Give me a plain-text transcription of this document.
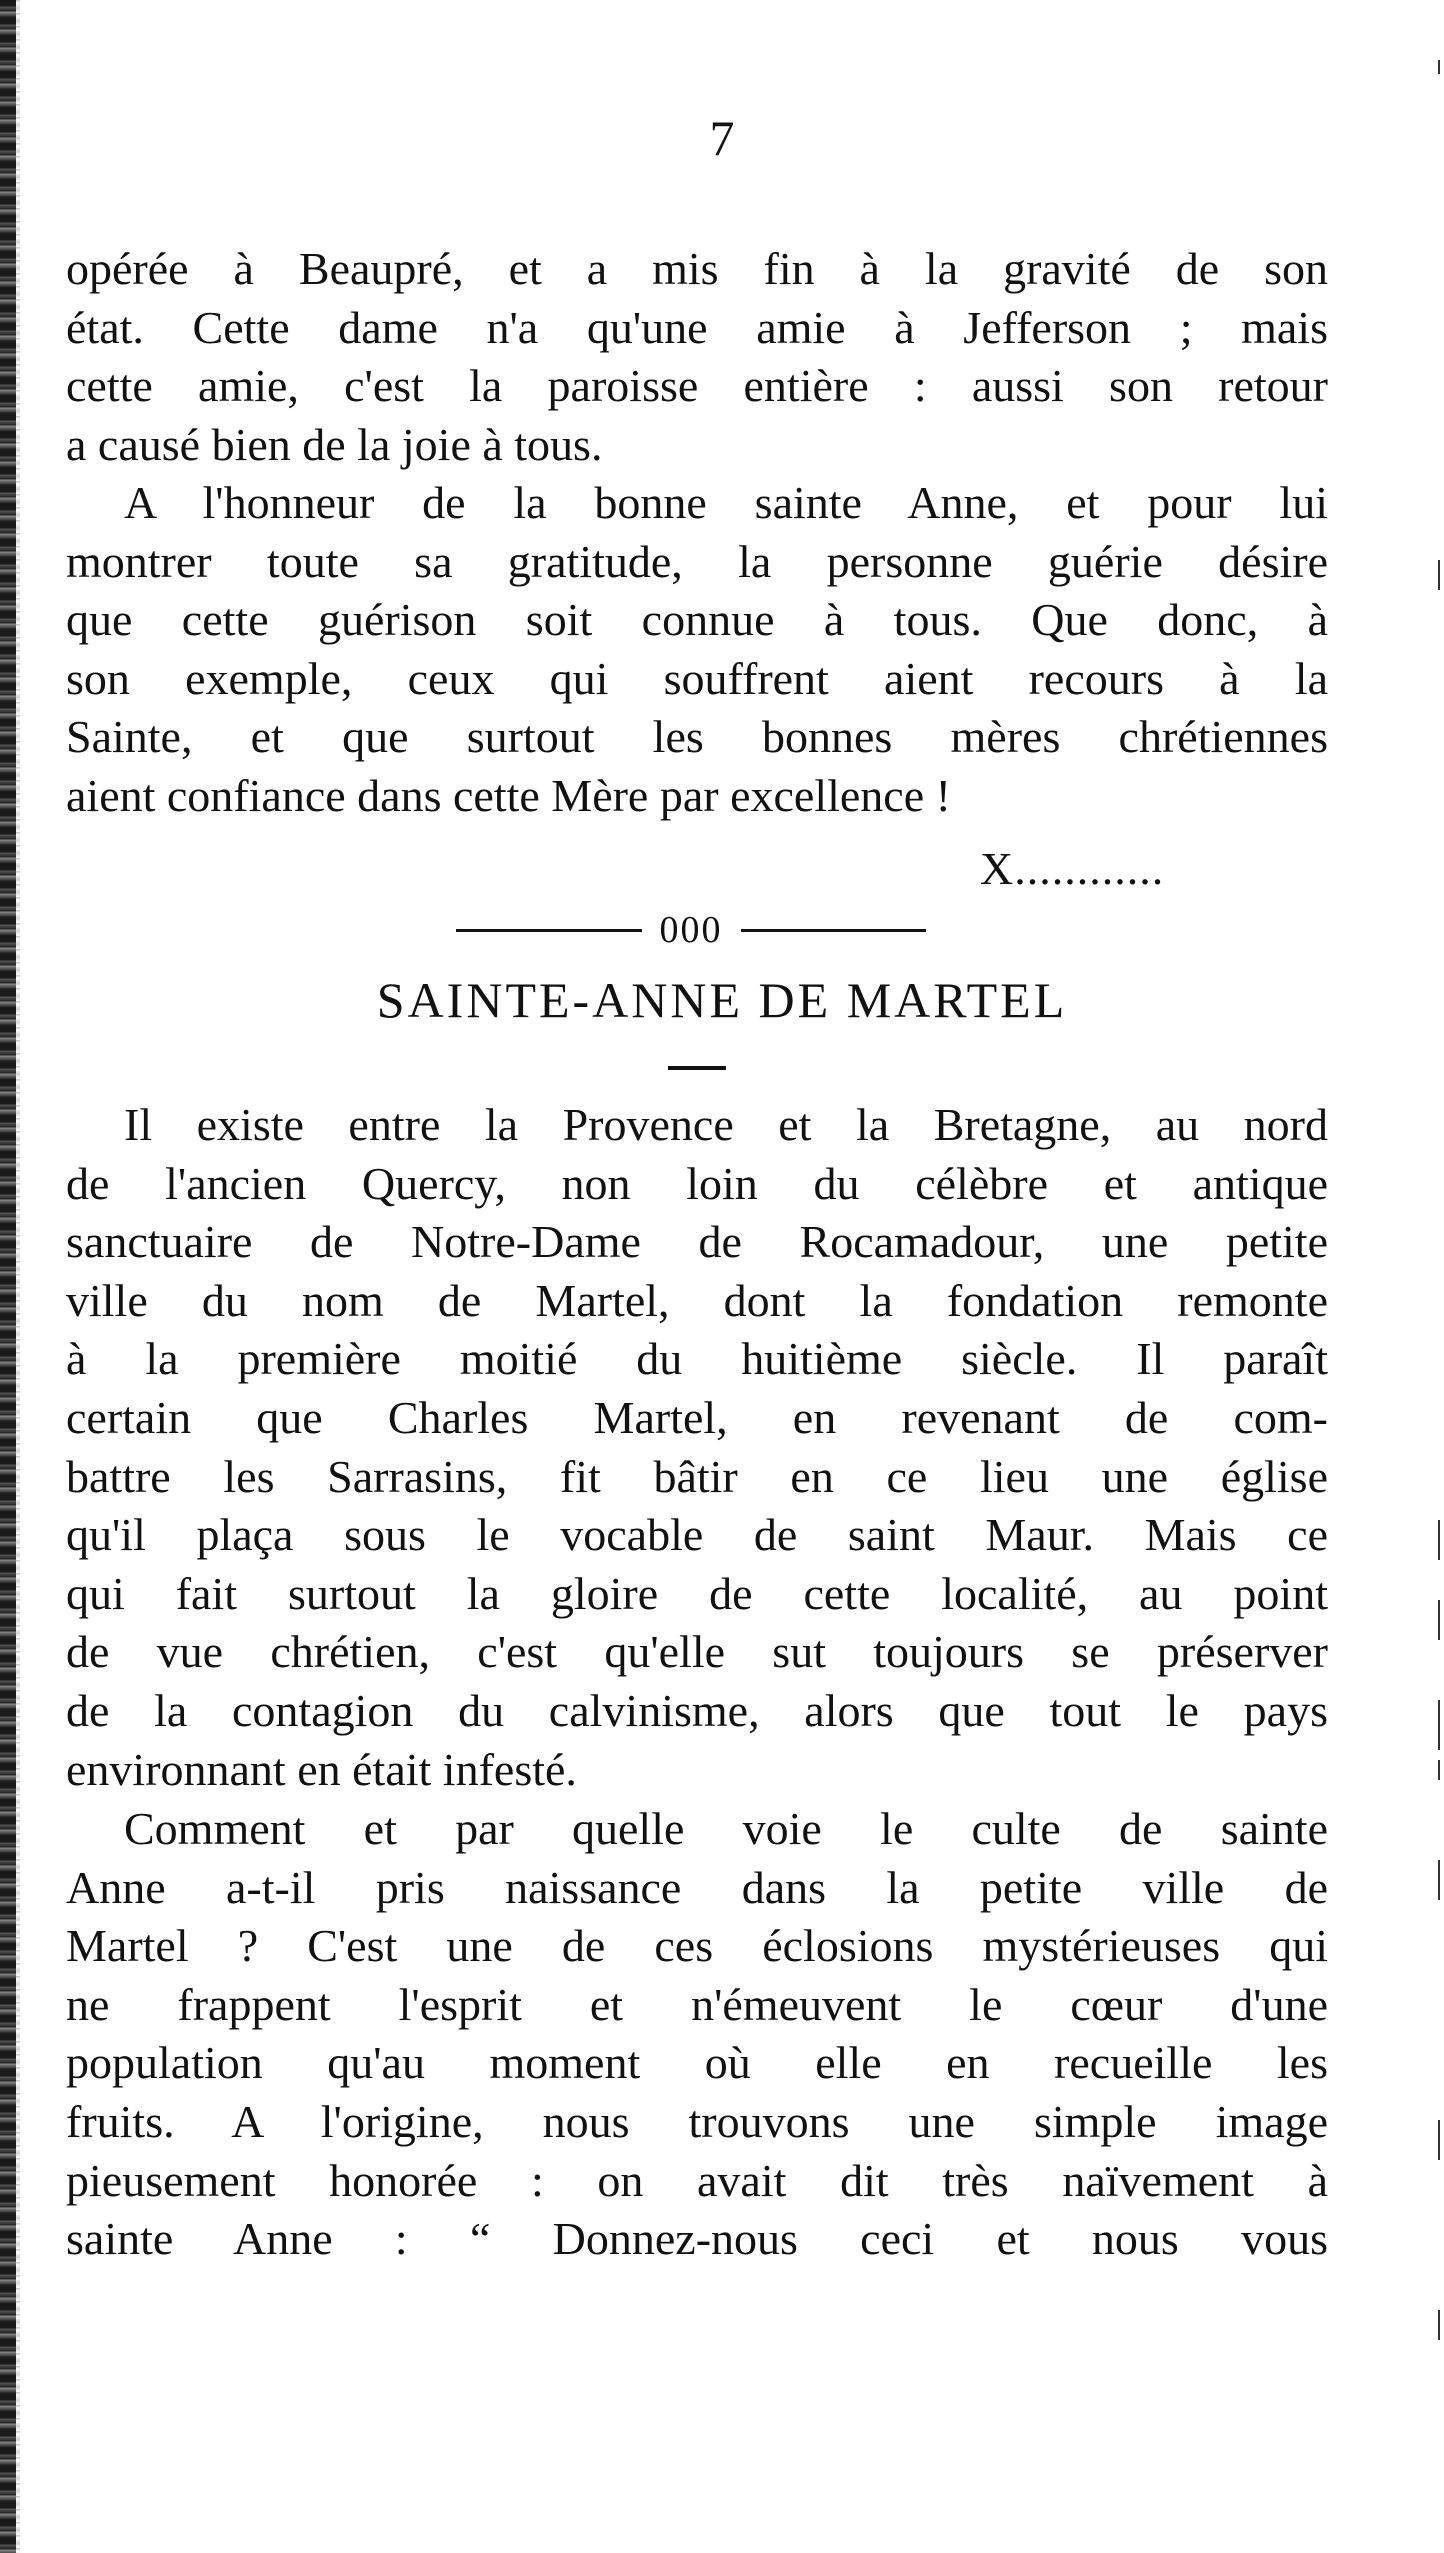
7
opérée à Beaupré, et a mis fin à la gravité de son
état. Cette dame n'a qu'une amie à Jefferson ; mais
cette amie, c'est la paroisse entière : aussi son retour
a causé bien de la joie à tous.
A l'honneur de la bonne sainte Anne, et pour lui
montrer toute sa gratitude, la personne guérie désire
que cette guérison soit connue à tous. Que donc, à
son exemple, ceux qui souffrent aient recours à la
Sainte, et que surtout les bonnes mères chrétiennes
aient confiance dans cette Mère par excellence !
X............
000
SAINTE-ANNE DE MARTEL
Il existe entre la Provence et la Bretagne, au nord
de l'ancien Quercy, non loin du célèbre et antique
sanctuaire de Notre-Dame de Rocamadour, une petite
ville du nom de Martel, dont la fondation remonte
à la première moitié du huitième siècle. Il paraît
certain que Charles Martel, en revenant de com-
battre les Sarrasins, fit bâtir en ce lieu une église
qu'il plaça sous le vocable de saint Maur. Mais ce
qui fait surtout la gloire de cette localité, au point
de vue chrétien, c'est qu'elle sut toujours se préserver
de la contagion du calvinisme, alors que tout le pays
environnant en était infesté.
Comment et par quelle voie le culte de sainte
Anne a-t-il pris naissance dans la petite ville de
Martel ? C'est une de ces éclosions mystérieuses qui
ne frappent l'esprit et n'émeuvent le cœur d'une
population qu'au moment où elle en recueille les
fruits. A l'origine, nous trouvons une simple image
pieusement honorée : on avait dit très naïvement à
sainte Anne : “ Donnez-nous ceci et nous vous
